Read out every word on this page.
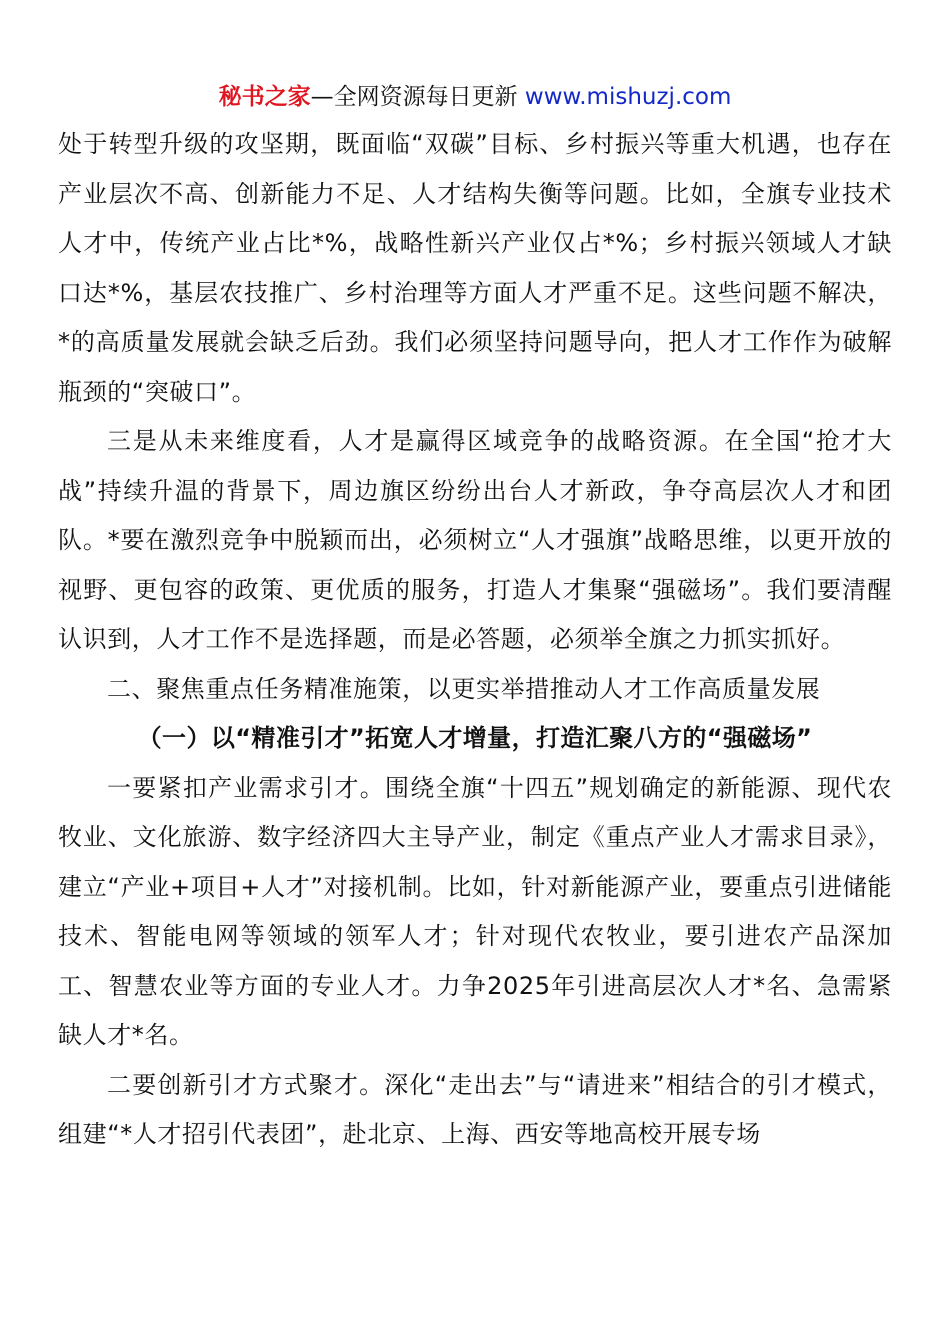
秘书之家—全网资源每日更新 www.mishuzj.com

处于转型升级的攻坚期，既面临“双碳”目标、乡村振兴等重大机遇，也存在产业层次不高、创新能力不足、人才结构失衡等问题。比如，全旗专业技术人才中，传统产业占比*%，战略性新兴产业仅占*%；乡村振兴领域人才缺口达*%，基层农技推广、乡村治理等方面人才严重不足。这些问题不解决，*的高质量发展就会缺乏后劲。我们必须坚持问题导向，把人才工作作为破解瓶颈的“突破口”。

三是从未来维度看，人才是赢得区域竞争的战略资源。在全国“抢才大战”持续升温的背景下，周边旗区纷纷出台人才新政，争夺高层次人才和团队。*要在激烈竞争中脱颖而出，必须树立“人才强旗”战略思维，以更开放的视野、更包容的政策、更优质的服务，打造人才集聚“强磁场”。我们要清醒认识到，人才工作不是选择题，而是必答题，必须举全旗之力抓实抓好。

二、聚焦重点任务精准施策，以更实举措推动人才工作高质量发展

（一）以“精准引才”拓宽人才增量，打造汇聚八方的“强磁场”

一要紧扣产业需求引才。围绕全旗“十四五”规划确定的新能源、现代农牧业、文化旅游、数字经济四大主导产业，制定《重点产业人才需求目录》，建立“产业+项目+人才”对接机制。比如，针对新能源产业，要重点引进储能技术、智能电网等领域的领军人才；针对现代农牧业，要引进农产品深加工、智慧农业等方面的专业人才。力争2025年引进高层次人才*名、急需紧缺人才*名。

二要创新引才方式聚才。深化“走出去”与“请进来”相结合的引才模式，组建“*人才招引代表团”，赴北京、上海、西安等地高校开展专场
